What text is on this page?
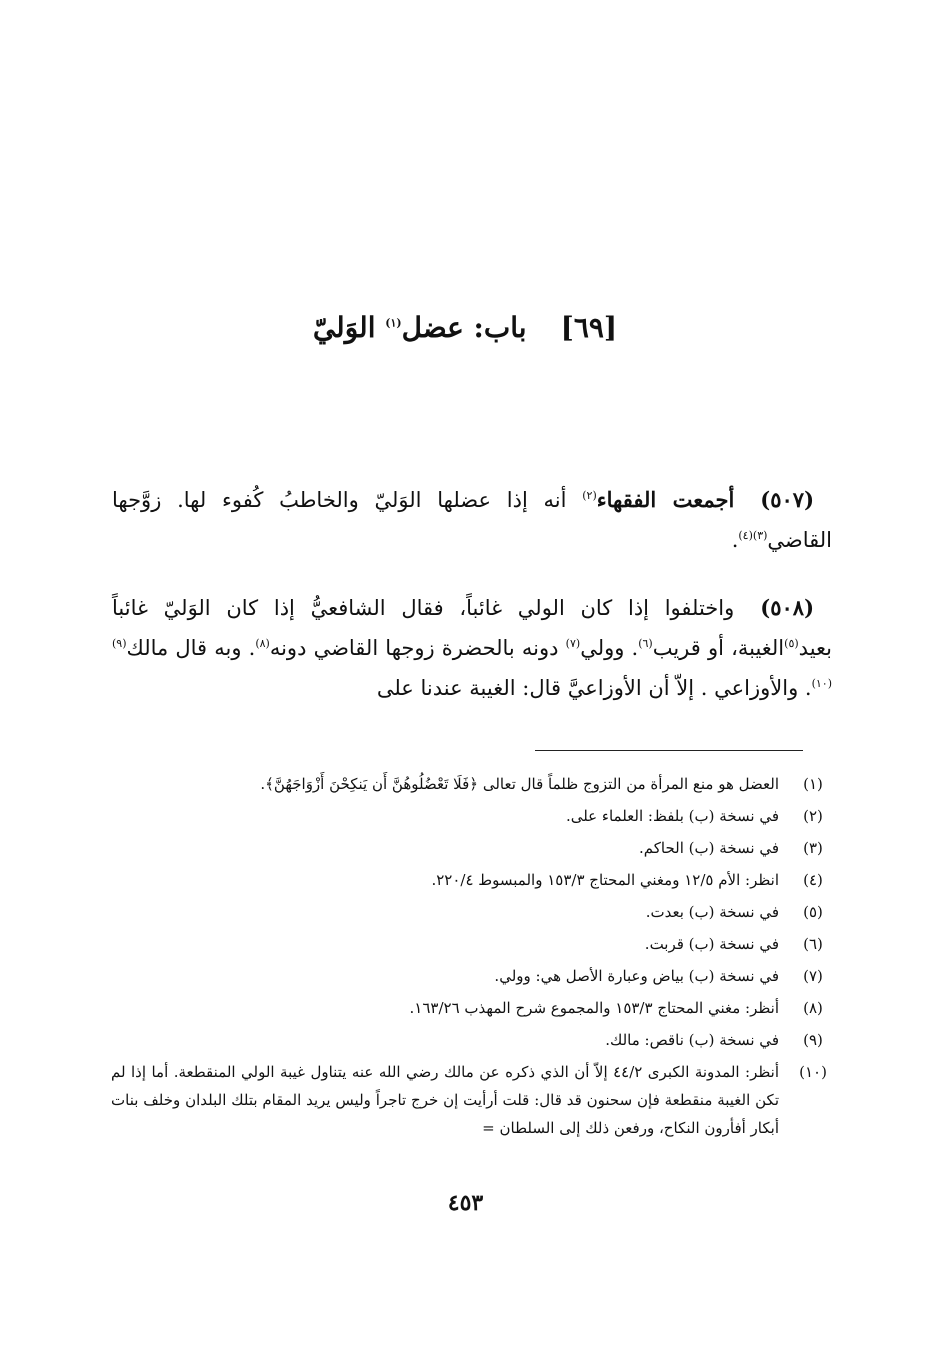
[٦٩]باب: عضل$^{(١)}$ الوَليّ
(٥٠٧)أجمعت الفقهاء$^{(٢)}$ أنه إذا عضلها الوَليّ والخاطبُ كُفوء لها. زوَّجها القاضي$^{(٣)(٤)}$.
(٥٠٨)واختلفوا إذا كان الولي غائباً، فقال الشافعيُّ إذا كان الوَليّ غائباً بعيد$^{(٥)}$الغيبة، أو قريب$^{(٦)}$. وولي$^{(٧)}$ دونه بالحضرة زوجها القاضي دونه$^{(٨)}$. وبه قال مالك$^{(٩)(١٠)}$. والأوزاعي . إلاّ أن الأوزاعيَّ قال: الغيبة عندنا على
(١)
العضل هو منع المرأة من التزوج ظلماً قال تعالى ﴿فَلَا تَعْضُلُوهُنَّ أَن يَنكِحْنَ أَزْوَاجَهُنَّ﴾.
(٢)
في نسخة (ب) بلفظ: العلماء على.
(٣)
في نسخة (ب) الحاكم.
(٤)
انظر: الأم ١٢/٥ ومغني المحتاج ١٥٣/٣ والمبسوط ٢٢٠/٤.
(٥)
في نسخة (ب) بعدت.
(٦)
في نسخة (ب) قربت.
(٧)
في نسخة (ب) بياض وعبارة الأصل هي: وولي.
(٨)
أنظر: مغني المحتاج ١٥٣/٣ والمجموع شرح المهذب ١٦٣/٢٦.
(٩)
في نسخة (ب) ناقص: مالك.
(١٠)
أنظر: المدونة الكبرى ٤٤/٢ إلاّ أن الذي ذكره عن مالك رضي الله عنه يتناول غيبة الولي المنقطعة. أما إذا لم تكن الغيبة منقطعة فإن سحنون قد قال: قلت أرأيت إن خرج تاجراً وليس يريد المقام بتلك البلدان وخلف بنات أبكار أفأرون النكاح، ورفعن ذلك إلى السلطان =
٤٥٣
